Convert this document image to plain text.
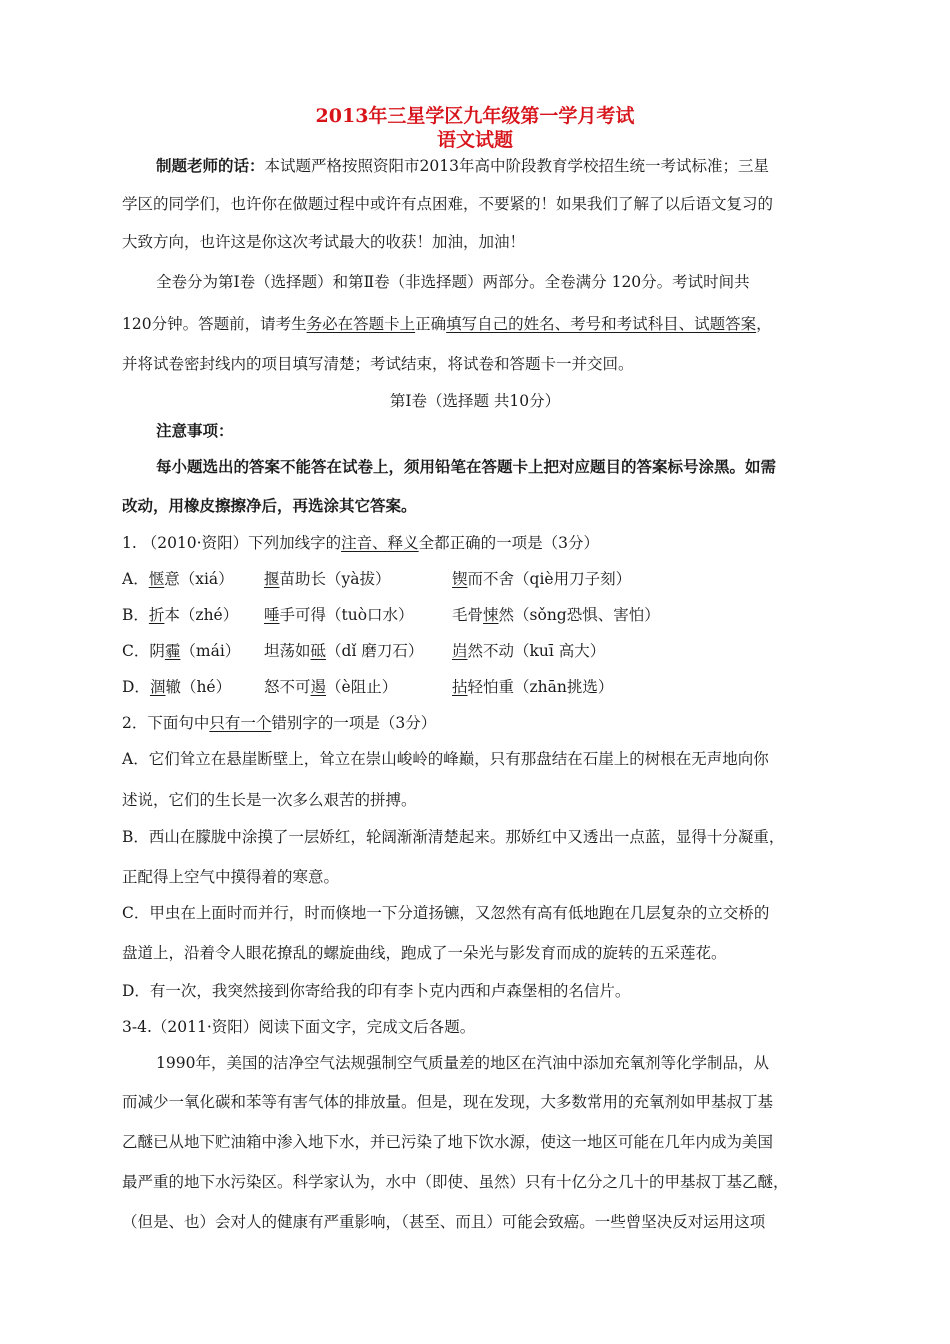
2013年三星学区九年级第一学月考试
语文试题
制题老师的话：本试题严格按照资阳市2013年高中阶段教育学校招生统一考试标准；三星
学区的同学们，也许你在做题过程中或许有点困难，不要紧的！如果我们了解了以后语文复习的
大致方向，也许这是你这次考试最大的收获！加油，加油！
全卷分为第Ⅰ卷（选择题）和第Ⅱ卷（非选择题）两部分。全卷满分 120分。考试时间共
120分钟。答题前，请考生务必在答题卡上正确填写自己的姓名、考号和考试科目、试题答案，
并将试卷密封线内的项目填写清楚；考试结束，将试卷和答题卡一并交回。
第Ⅰ卷（选择题 共10分）
注意事项：
每小题选出的答案不能答在试卷上，须用铅笔在答题卡上把对应题目的答案标号涂黑。如需
改动，用橡皮擦擦净后，再选涂其它答案。
1. （2010·资阳）下列加线字的注音、释义全都正确的一项是（3分）
A．惬意（xiá） 揠苗助长（yà拔）	锲而不舍（qiè用刀子刻）
B．折本（zhé） 唾手可得（tuò口水） 毛骨悚然（sǒng恐惧、害怕）
C．阴霾（mái） 坦荡如砥（dǐ 磨刀石） 岿然不动（kuī 高大）
D．涸辙（hé） 怒不可遏（è阻止）	拈轻怕重（zhān挑选）
2．下面句中只有一个错别字的一项是（3分）
A．它们耸立在悬崖断壁上，耸立在崇山峻岭的峰巅，只有那盘结在石崖上的树根在无声地向你
述说，它们的生长是一次多么艰苦的拼搏。
B．西山在朦胧中涂摸了一层娇红，轮阔渐渐清楚起来。那娇红中又透出一点蓝，显得十分凝重，
正配得上空气中摸得着的寒意。
C．甲虫在上面时而并行，时而倏地一下分道扬镳，又忽然有高有低地跑在几层复杂的立交桥的
盘道上，沿着令人眼花撩乱的螺旋曲线，跑成了一朵光与影发育而成的旋转的五采莲花。
D．有一次，我突然接到你寄给我的印有李卜克内西和卢森堡相的名信片。
3-4.（2011·资阳）阅读下面文字，完成文后各题。
1990年，美国的洁净空气法规强制空气质量差的地区在汽油中添加充氧剂等化学制品，从
而减少一氧化碳和苯等有害气体的排放量。但是，现在发现，大多数常用的充氧剂如甲基叔丁基
乙醚已从地下贮油箱中渗入地下水，并已污染了地下饮水源，使这一地区可能在几年内成为美国
最严重的地下水污染区。科学家认为，水中（即使、虽然）只有十亿分之几十的甲基叔丁基乙醚，
（但是、也）会对人的健康有严重影响，（甚至、而且）可能会致癌。一些曾坚决反对运用这项
